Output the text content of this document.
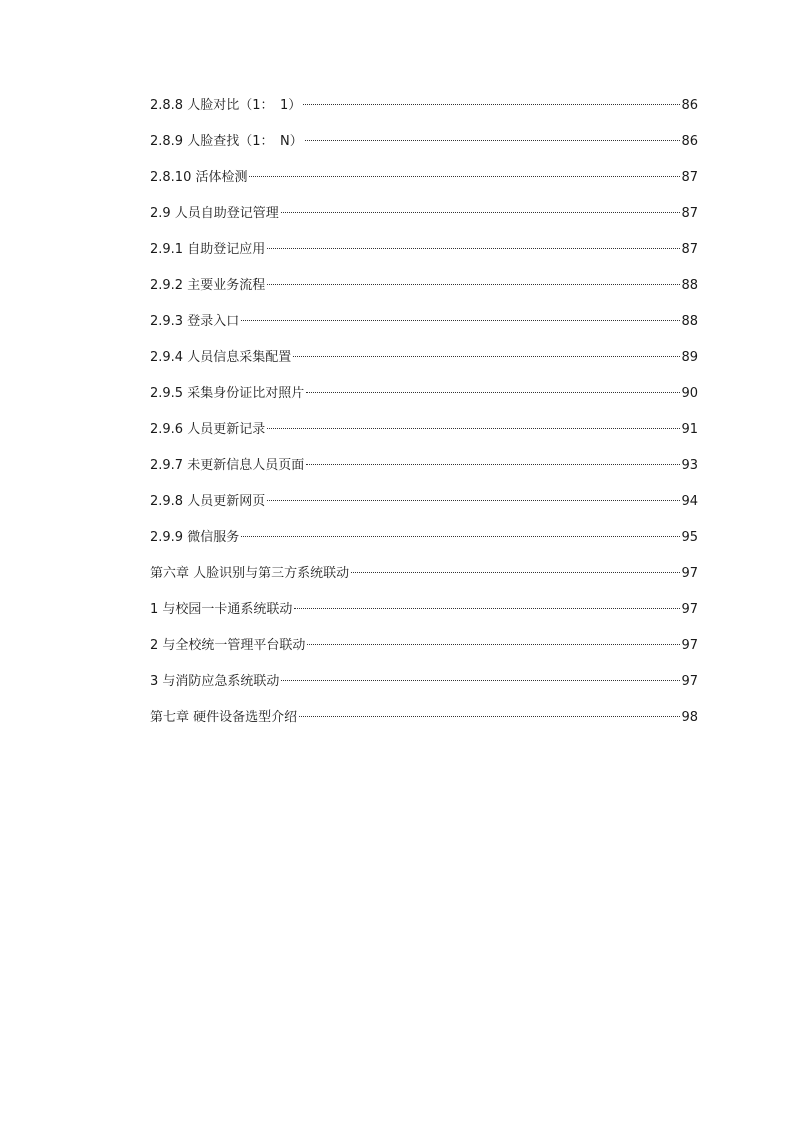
2.8.8 人脸对比（1：　1）	86
2.8.9 人脸查找（1：　N）	86
2.8.10 活体检测	87
2.9 人员自助登记管理	87
2.9.1 自助登记应用	87
2.9.2 主要业务流程	88
2.9.3 登录入口	88
2.9.4 人员信息采集配置	89
2.9.5 采集身份证比对照片	90
2.9.6 人员更新记录	91
2.9.7 未更新信息人员页面	93
2.9.8 人员更新网页	94
2.9.9 微信服务	95
第六章 人脸识别与第三方系统联动	97
1 与校园一卡通系统联动	97
2 与全校统一管理平台联动	97
3 与消防应急系统联动	97
第七章 硬件设备选型介绍	98
